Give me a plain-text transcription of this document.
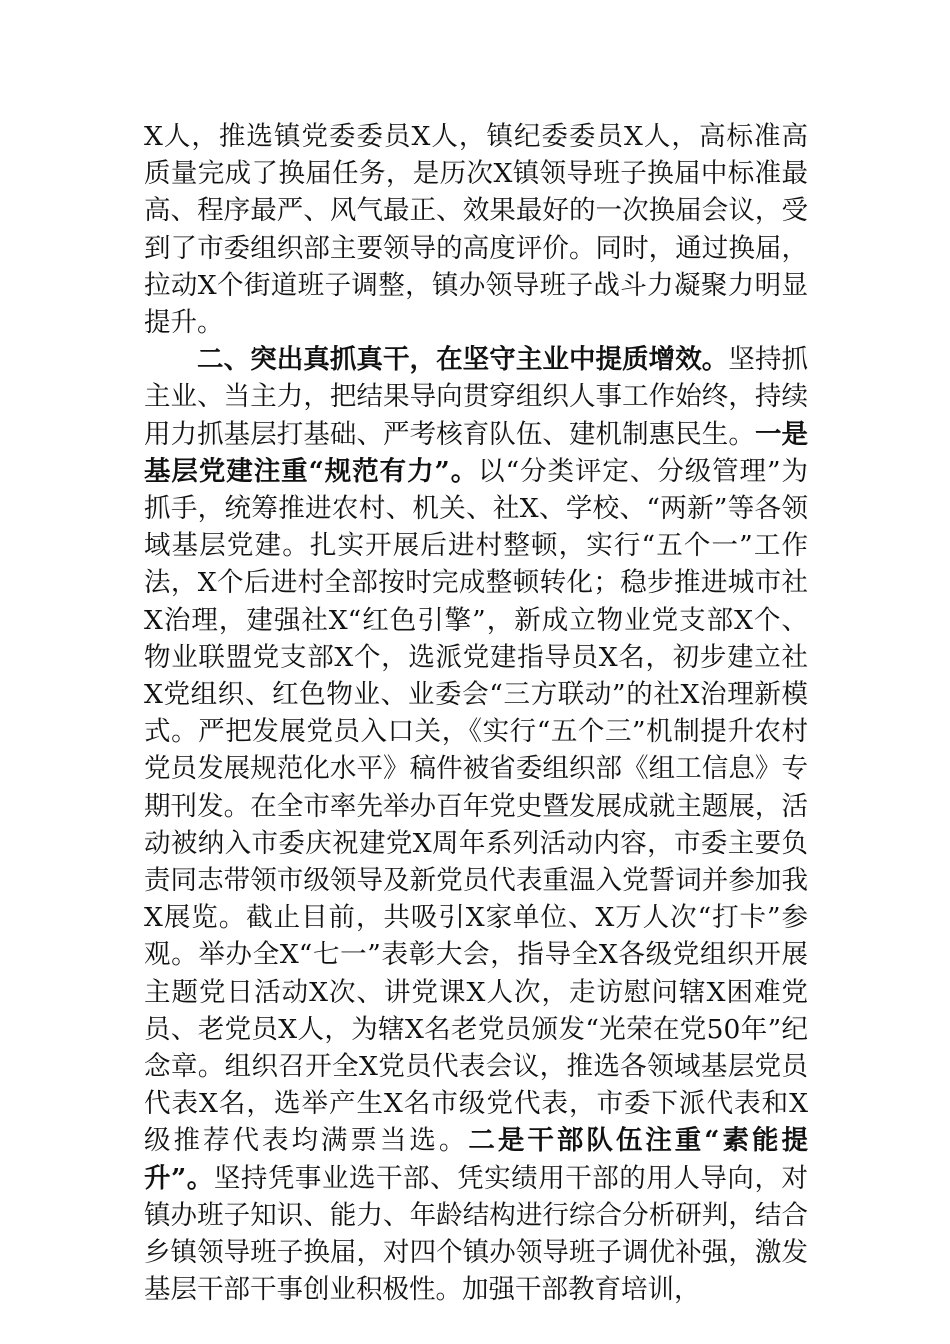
X人，推选镇党委委员X人，镇纪委委员X人，高标准高质量完成了换届任务，是历次X镇领导班子换届中标准最高、程序最严、风气最正、效果最好的一次换届会议，受到了市委组织部主要领导的高度评价。同时，通过换届，拉动X个街道班子调整，镇办领导班子战斗力凝聚力明显提升。

二、突出真抓真干，在坚守主业中提质增效。坚持抓主业、当主力，把结果导向贯穿组织人事工作始终，持续用力抓基层打基础、严考核育队伍、建机制惠民生。一是基层党建注重“规范有力”。以“分类评定、分级管理”为抓手，统筹推进农村、机关、社X、学校、“两新”等各领域基层党建。扎实开展后进村整顿，实行“五个一”工作法，X个后进村全部按时完成整顿转化；稳步推进城市社X治理，建强社X“红色引擎”，新成立物业党支部X个、物业联盟党支部X个，选派党建指导员X名，初步建立社X党组织、红色物业、业委会“三方联动”的社X治理新模式。严把发展党员入口关，《实行“五个三”机制提升农村党员发展规范化水平》稿件被省委组织部《组工信息》专期刊发。在全市率先举办百年党史暨发展成就主题展，活动被纳入市委庆祝建党X周年系列活动内容，市委主要负责同志带领市级领导及新党员代表重温入党誓词并参加我X展览。截止目前，共吸引X家单位、X万人次“打卡”参观。举办全X“七一”表彰大会，指导全X各级党组织开展主题党日活动X次、讲党课X人次，走访慰问辖X困难党员、老党员X人，为辖X名老党员颁发“光荣在党50年”纪念章。组织召开全X党员代表会议，推选各领域基层党员代表X名，选举产生X名市级党代表，市委下派代表和X级推荐代表均满票当选。二是干部队伍注重“素能提升”。坚持凭事业选干部、凭实绩用干部的用人导向，对镇办班子知识、能力、年龄结构进行综合分析研判，结合乡镇领导班子换届，对四个镇办领导班子调优补强，激发基层干部干事创业积极性。加强干部教育培训，
